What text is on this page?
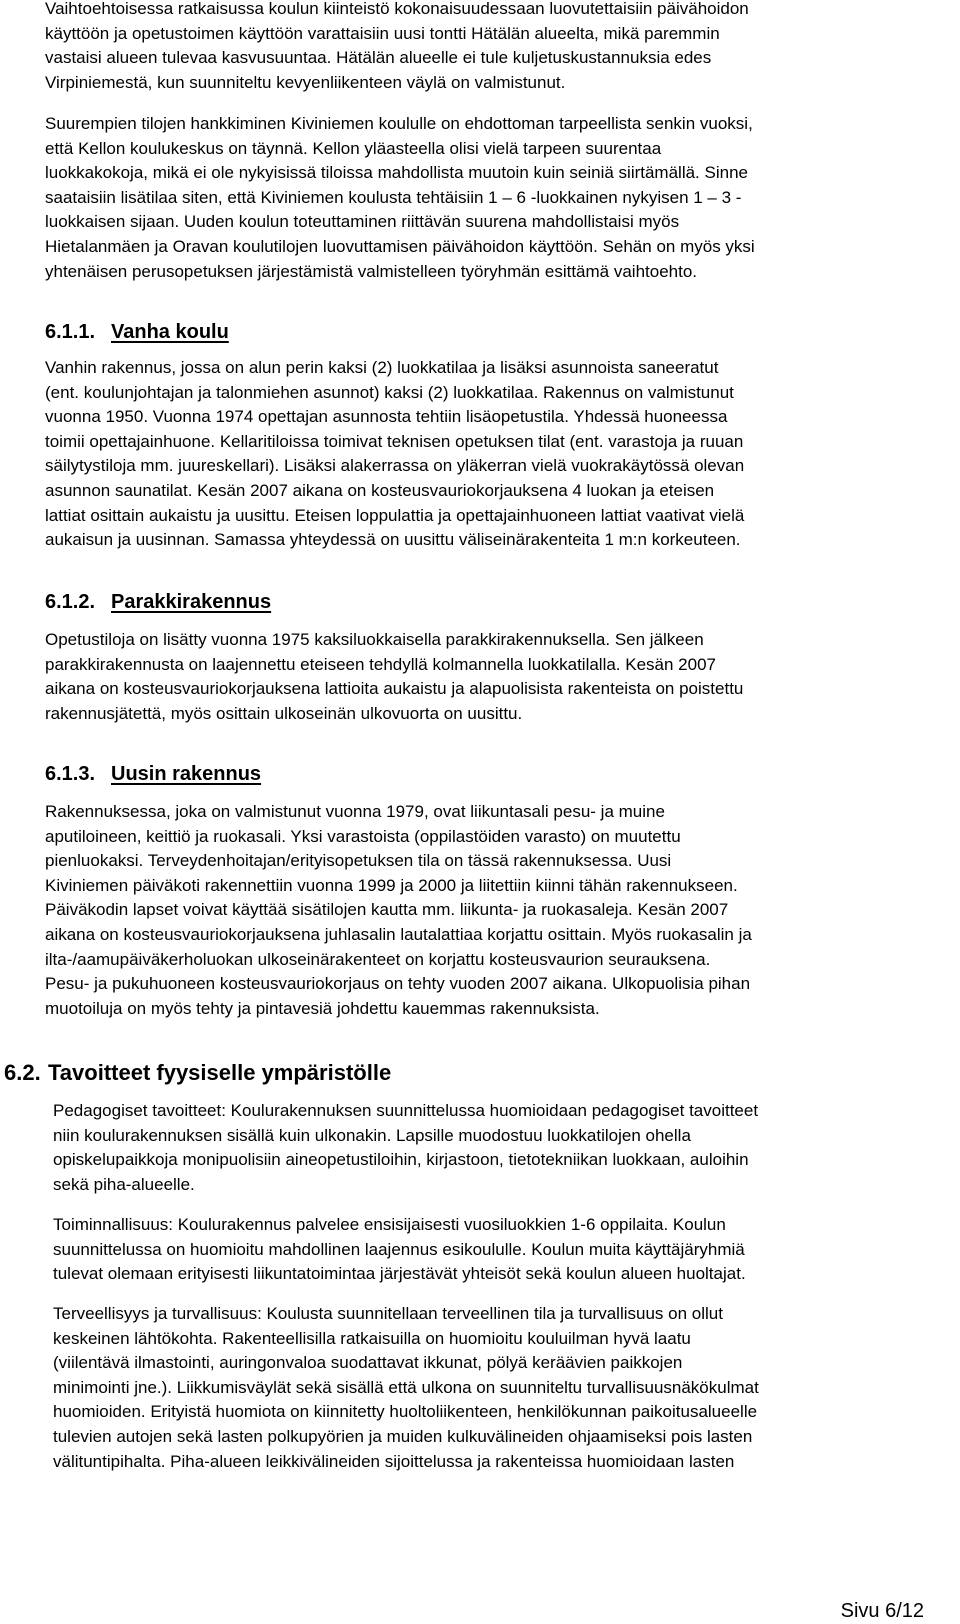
Vaihtoehtoisessa ratkaisussa koulun kiinteistö kokonaisuudessaan luovutettaisiin päivähoidon
käyttöön ja opetustoimen käyttöön varattaisiin uusi tontti Hätälän alueelta, mikä paremmin
vastaisi alueen tulevaa kasvusuuntaa. Hätälän alueelle ei tule kuljetuskustannuksia edes
Virpiniemestä, kun suunniteltu kevyenliikenteen väylä on valmistunut.
Suurempien tilojen hankkiminen Kiviniemen koululle on ehdottoman tarpeellista senkin vuoksi,
että Kellon koulukeskus on täynnä. Kellon yläasteella olisi vielä tarpeen suurentaa
luokkakokoja, mikä ei ole nykyisissä tiloissa mahdollista muutoin kuin seiniä siirtämällä. Sinne
saataisiin lisätilaa siten, että Kiviniemen koulusta tehtäisiin 1 – 6 -luokkainen nykyisen 1 – 3 -
luokkaisen sijaan. Uuden koulun toteuttaminen riittävän suurena mahdollistaisi myös
Hietalanmäen ja Oravan koulutilojen luovuttamisen päivähoidon käyttöön. Sehän on myös yksi
yhtenäisen perusopetuksen järjestämistä valmistelleen työryhmän esittämä vaihtoehto.
6.1.1. Vanha koulu
Vanhin rakennus, jossa on alun perin kaksi (2) luokkatilaa ja lisäksi asunnoista saneeratut
(ent. koulunjohtajan ja talonmiehen asunnot) kaksi (2) luokkatilaa. Rakennus on valmistunut
vuonna 1950. Vuonna 1974 opettajan asunnosta tehtiin lisäopetustila. Yhdessä huoneessa
toimii opettajainhuone. Kellaritiloissa toimivat teknisen opetuksen tilat (ent. varastoja ja ruuan
säilytystiloja mm. juureskellari). Lisäksi alakerrassa on yläkerran vielä vuokrakäytössä olevan
asunnon saunatilat. Kesän 2007 aikana on kosteusvauriokorjauksena 4 luokan ja eteisen
lattiat osittain aukaistu ja uusittu. Eteisen loppulattia ja opettajainhuoneen lattiat vaativat vielä
aukaisun ja uusinnan. Samassa yhteydessä on uusittu väliseinärakenteita 1 m:n korkeuteen.
6.1.2. Parakkirakennus
Opetustiloja on lisätty vuonna 1975 kaksiluokkaisella parakkirakennuksella. Sen jälkeen
parakkirakennusta on laajennettu eteiseen tehdyllä kolmannella luokkatilalla. Kesän 2007
aikana on kosteusvauriokorjauksena lattioita aukaistu ja alapuolisista rakenteista on poistettu
rakennusjätettä, myös osittain ulkoseinän ulkovuorta on uusittu.
6.1.3. Uusin rakennus
Rakennuksessa, joka on valmistunut vuonna 1979, ovat liikuntasali pesu- ja muine
aputiloineen, keittiö ja ruokasali. Yksi varastoista (oppilastöiden varasto) on muutettu
pienluokaksi. Terveydenhoitajan/erityisopetuksen tila on tässä rakennuksessa. Uusi
Kiviniemen päiväkoti rakennettiin vuonna 1999 ja 2000 ja liitettiin kiinni tähän rakennukseen.
Päiväkodin lapset voivat käyttää sisätilojen kautta mm. liikunta- ja ruokasaleja. Kesän 2007
aikana on kosteusvauriokorjauksena juhlasalin lautalattiaa korjattu osittain. Myös ruokasalin ja
ilta-/aamupäiväkerholuokan ulkoseinärakenteet on korjattu kosteusvaurion seurauksena.
Pesu- ja pukuhuoneen kosteusvauriokorjaus on tehty vuoden 2007 aikana. Ulkopuolisia pihan
muotoiluja on myös tehty ja pintavesiä johdettu kauemmas rakennuksista.
6.2. Tavoitteet fyysiselle ympäristölle
Pedagogiset tavoitteet: Koulurakennuksen suunnittelussa huomioidaan pedagogiset tavoitteet
niin koulurakennuksen sisällä kuin ulkonakin. Lapsille muodostuu luokkatilojen ohella
opiskelupaikkoja monipuolisiin aineopetustiloihin, kirjastoon, tietotekniikan luokkaan, auloihin
sekä piha-alueelle.
Toiminnallisuus: Koulurakennus palvelee ensisijaisesti vuosiluokkien 1-6 oppilaita. Koulun
suunnittelussa on huomioitu mahdollinen laajennus esikoululle. Koulun muita käyttäjäryhmiä
tulevat olemaan erityisesti liikuntatoimintaa järjestävät yhteisöt sekä koulun alueen huoltajat.
Terveellisyys ja turvallisuus: Koulusta suunnitellaan terveellinen tila ja turvallisuus on ollut
keskeinen lähtökohta. Rakenteellisilla ratkaisuilla on huomioitu kouluilman hyvä laatu
(viilentävä ilmastointi, auringonvaloa suodattavat ikkunat, pölyä keräävien paikkojen
minimointi jne.). Liikkumisväylät sekä sisällä että ulkona on suunniteltu turvallisuusnäkökulmat
huomioiden. Erityistä huomiota on kiinnitetty huoltoliikenteen, henkilökunnan paikoitusalueelle
tulevien autojen sekä lasten polkupyörien ja muiden kulkuvälineiden ohjaamiseksi pois lasten
välituntipihalta. Piha-alueen leikkivälineiden sijoittelussa ja rakenteissa huomioidaan lasten
Sivu 6/12
